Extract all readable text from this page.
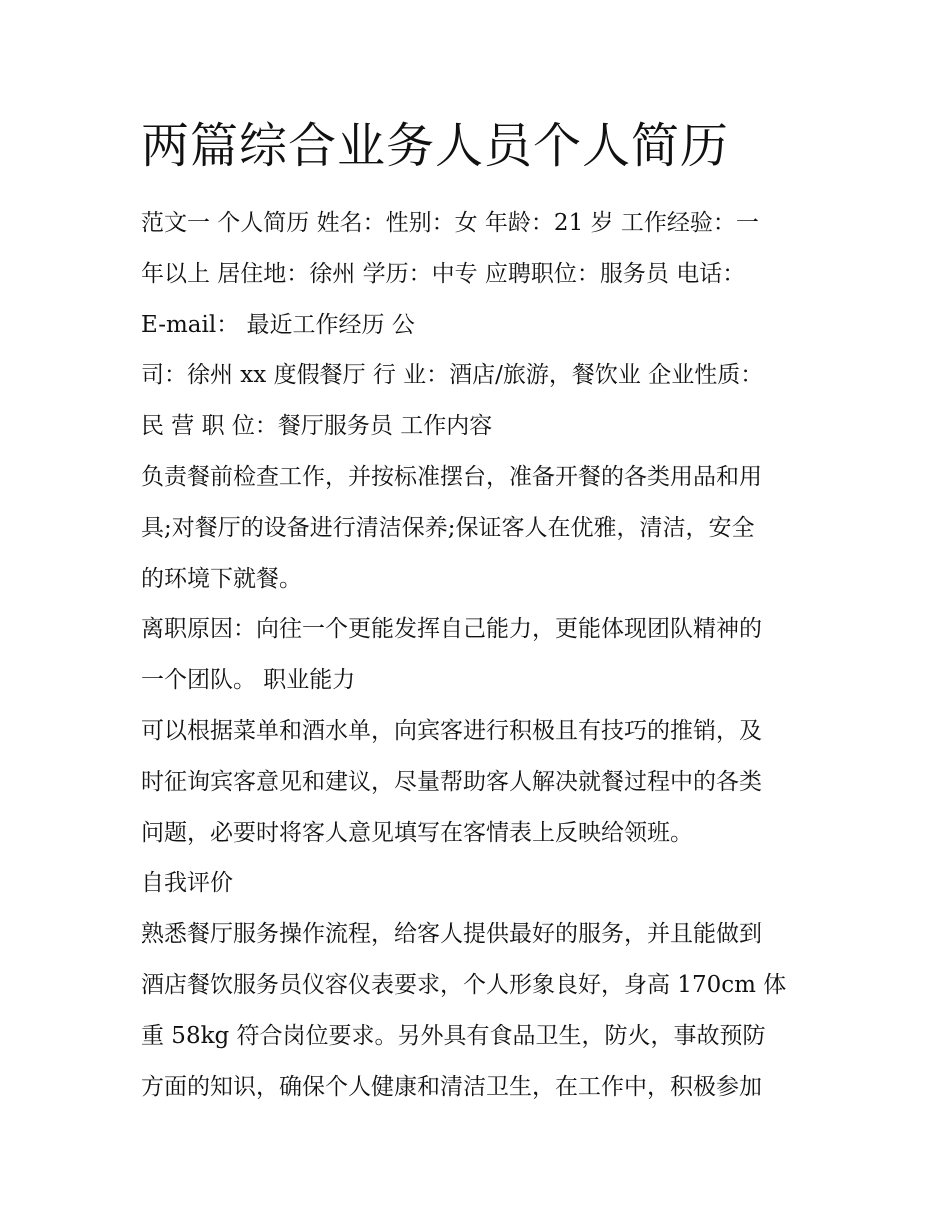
两篇综合业务人员个人简历
范文一 个人简历 姓名：性别：女 年龄：21 岁 工作经验：一
年以上 居住地：徐州 学历：中专 应聘职位：服务员 电话：
E-mail： 最近工作经历 公
司：徐州 xx 度假餐厅 行 业：酒店/旅游，餐饮业 企业性质：
民 营 职 位：餐厅服务员 工作内容
负责餐前检查工作，并按标准摆台，准备开餐的各类用品和用
具;对餐厅的设备进行清洁保养;保证客人在优雅，清洁，安全
的环境下就餐。
离职原因：向往一个更能发挥自己能力，更能体现团队精神的
一个团队。 职业能力
可以根据菜单和酒水单，向宾客进行积极且有技巧的推销，及
时征询宾客意见和建议，尽量帮助客人解决就餐过程中的各类
问题，必要时将客人意见填写在客情表上反映给领班。
自我评价
熟悉餐厅服务操作流程，给客人提供最好的服务，并且能做到
酒店餐饮服务员仪容仪表要求，个人形象良好，身高 170cm 体
重 58kg 符合岗位要求。另外具有食品卫生，防火，事故预防
方面的知识，确保个人健康和清洁卫生，在工作中，积极参加
